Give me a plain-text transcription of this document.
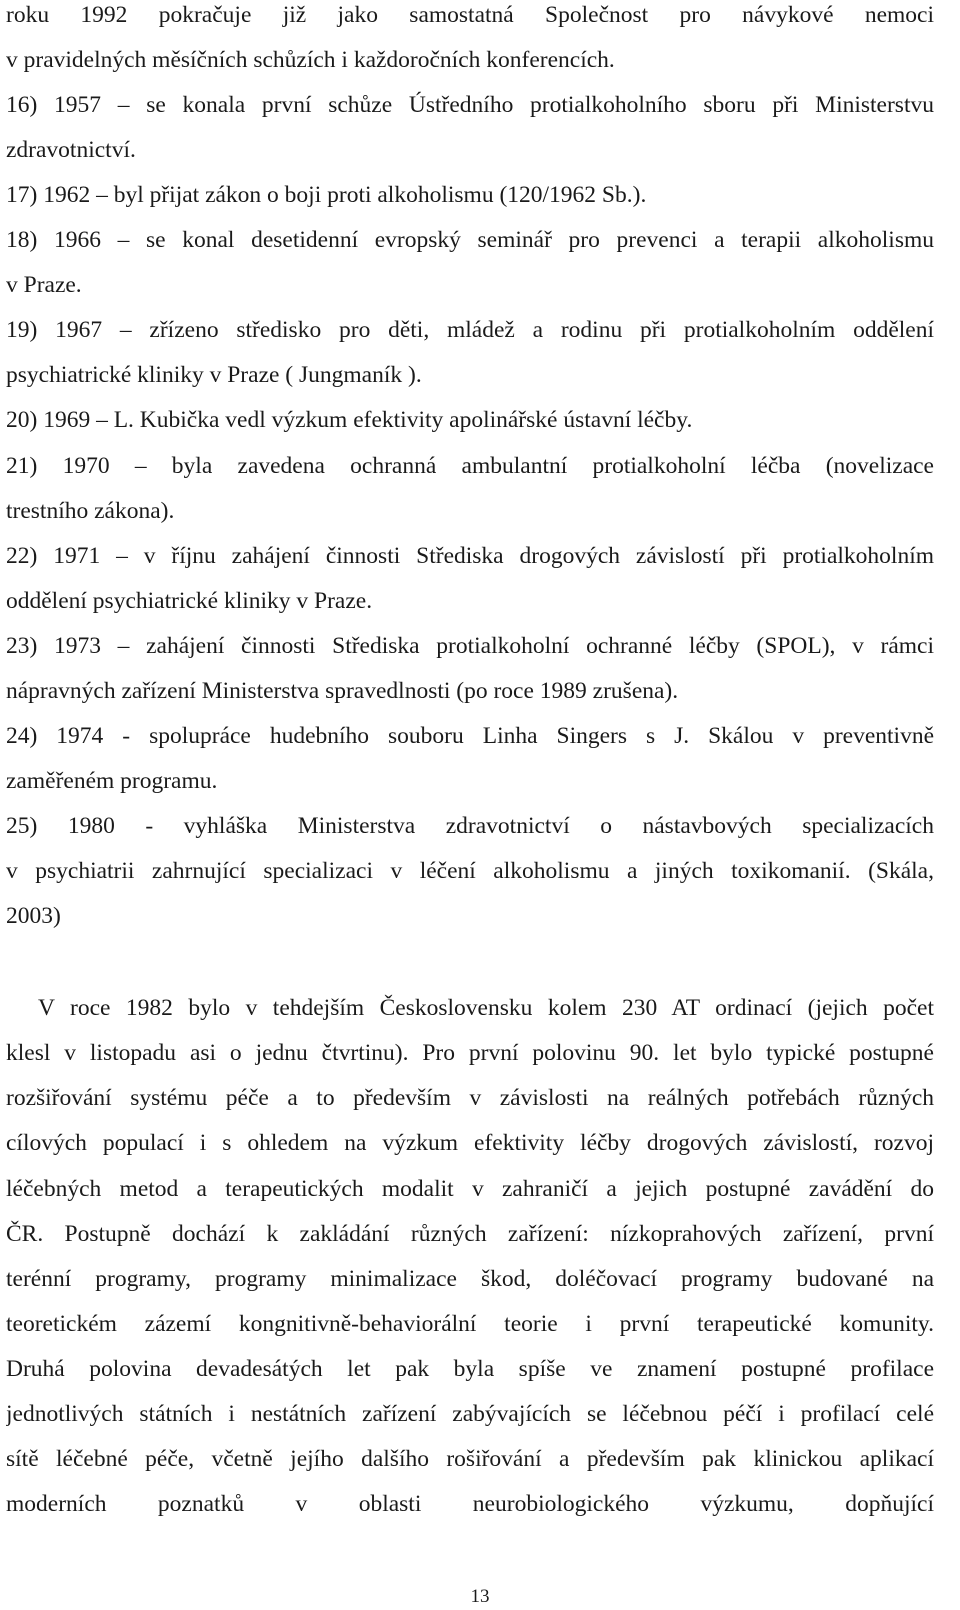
roku 1992 pokračuje již jako samostatná Společnost pro návykové nemoci
v pravidelných měsíčních schůzích i každoročních konferencích.
16) 1957 – se konala první schůze Ústředního protialkoholního sboru při Ministerstvu
zdravotnictví.
17) 1962 – byl přijat zákon o boji proti alkoholismu (120/1962 Sb.).
18) 1966 – se konal desetidenní evropský seminář pro prevenci a terapii alkoholismu
v Praze.
19) 1967 – zřízeno středisko pro děti, mládež a rodinu při protialkoholním oddělení
psychiatrické kliniky v Praze ( Jungmaník ).
20) 1969 – L. Kubička vedl výzkum efektivity apolinářské ústavní léčby.
21) 1970 – byla zavedena ochranná ambulantní protialkoholní léčba (novelizace
trestního zákona).
22) 1971 – v říjnu zahájení činnosti Střediska drogových závislostí při protialkoholním
oddělení psychiatrické kliniky v Praze.
23) 1973 – zahájení činnosti Střediska protialkoholní ochranné léčby (SPOL), v rámci
nápravných zařízení Ministerstva spravedlnosti (po roce 1989 zrušena).
24) 1974 - spolupráce hudebního souboru Linha Singers s J. Skálou v preventivně
zaměřeném programu.
25) 1980 - vyhláška Ministerstva zdravotnictví o nástavbových specializacích
v psychiatrii zahrnující specializaci v léčení alkoholismu a jiných toxikomanií. (Skála,
2003)
V roce 1982 bylo v tehdejším Československu kolem 230 AT ordinací (jejich počet
klesl v listopadu asi o jednu čtvrtinu). Pro první polovinu 90. let bylo typické postupné
rozšiřování systému péče a to především v závislosti na reálných potřebách různých
cílových populací i s ohledem na výzkum efektivity léčby drogových závislostí, rozvoj
léčebných metod a terapeutických modalit v zahraničí a jejich postupné zavádění do
ČR. Postupně dochází k zakládání různých zařízení: nízkoprahových zařízení, první
terénní programy, programy minimalizace škod, doléčovací programy budované na
teoretickém zázemí kongnitivně-behaviorální teorie i první terapeutické komunity.
Druhá polovina devadesátých let pak byla spíše ve znamení postupné profilace
jednotlivých státních i nestátních zařízení zabývajících se léčebnou péčí i profilací celé
sítě léčebné péče, včetně jejího dalšího rošiřování a především pak klinickou aplikací
moderních poznatků v oblasti neurobiologického výzkumu, dopňující
13
